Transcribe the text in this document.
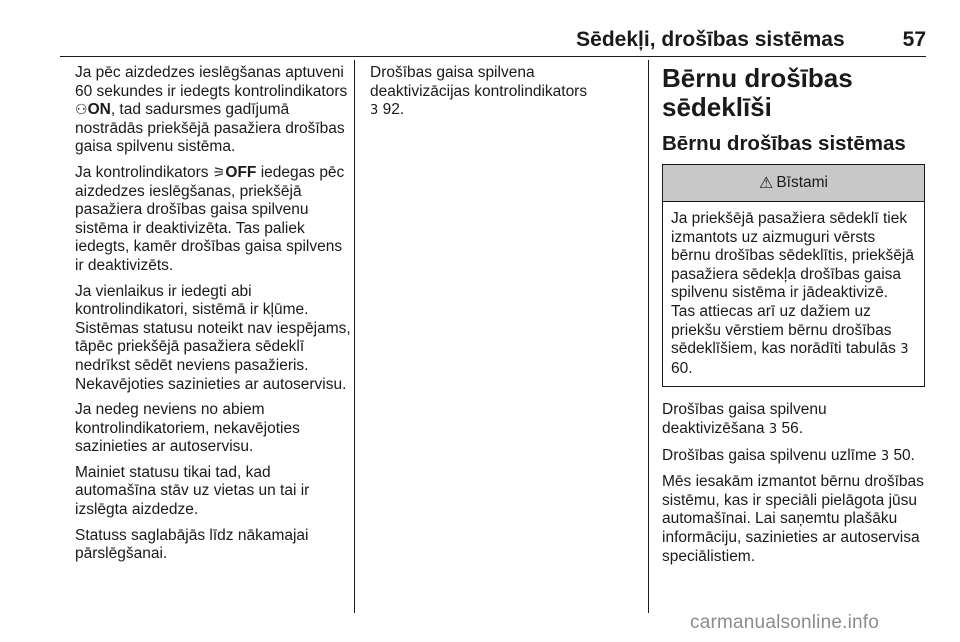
Sēdekļi, drošības sistēmas	57

Ja pēc aizdedzes ieslēgšanas aptuveni 60 sekundes ir iedegts kontrolindikators ⚇ON, tad sadursmes gadījumā nostrādās priekšējā pasažiera drošības gaisa spilvenu sistēma.

Ja kontrolindikators ⚞OFF iedegas pēc aizdedzes ieslēgšanas, priekšējā pasažiera drošības gaisa spilvenu sistēma ir deaktivizēta. Tas paliek iedegts, kamēr drošības gaisa spilvens ir deaktivizēts.

Ja vienlaikus ir iedegti abi kontrolindikatori, sistēmā ir kļūme. Sistēmas statusu noteikt nav iespējams, tāpēc priekšējā pasažiera sēdeklī nedrīkst sēdēt neviens pasažieris. Nekavējoties sazinieties ar autoservisu.

Ja nedeg neviens no abiem kontrolindikatoriem, nekavējoties sazinieties ar autoservisu.

Mainiet statusu tikai tad, kad automašīna stāv uz vietas un tai ir izslēgta aizdedze.

Statuss saglabājās līdz nākamajai pārslēgšanai.

Drošības gaisa spilvena deaktivizācijas kontrolindikators
3 92.

Bērnu drošības sēdeklīši
Bērnu drošības sistēmas
⚠ Bīstami
Ja priekšējā pasažiera sēdeklī tiek izmantots uz aizmuguri vērsts bērnu drošības sēdeklītis, priekšējā pasažiera sēdekļa drošības gaisa spilvenu sistēma ir jādeaktivizē. Tas attiecas arī uz dažiem uz priekšu vērstiem bērnu drošības sēdeklīšiem, kas norādīti tabulās 3 60.

Drošības gaisa spilvenu deaktivizēšana 3 56.

Drošības gaisa spilvenu uzlīme 3 50.

Mēs iesakām izmantot bērnu drošības sistēmu, kas ir speciāli pielāgota jūsu automašīnai. Lai saņemtu plašāku informāciju, sazinieties ar autoservisa speciālistiem.

carmanualsonline.info
